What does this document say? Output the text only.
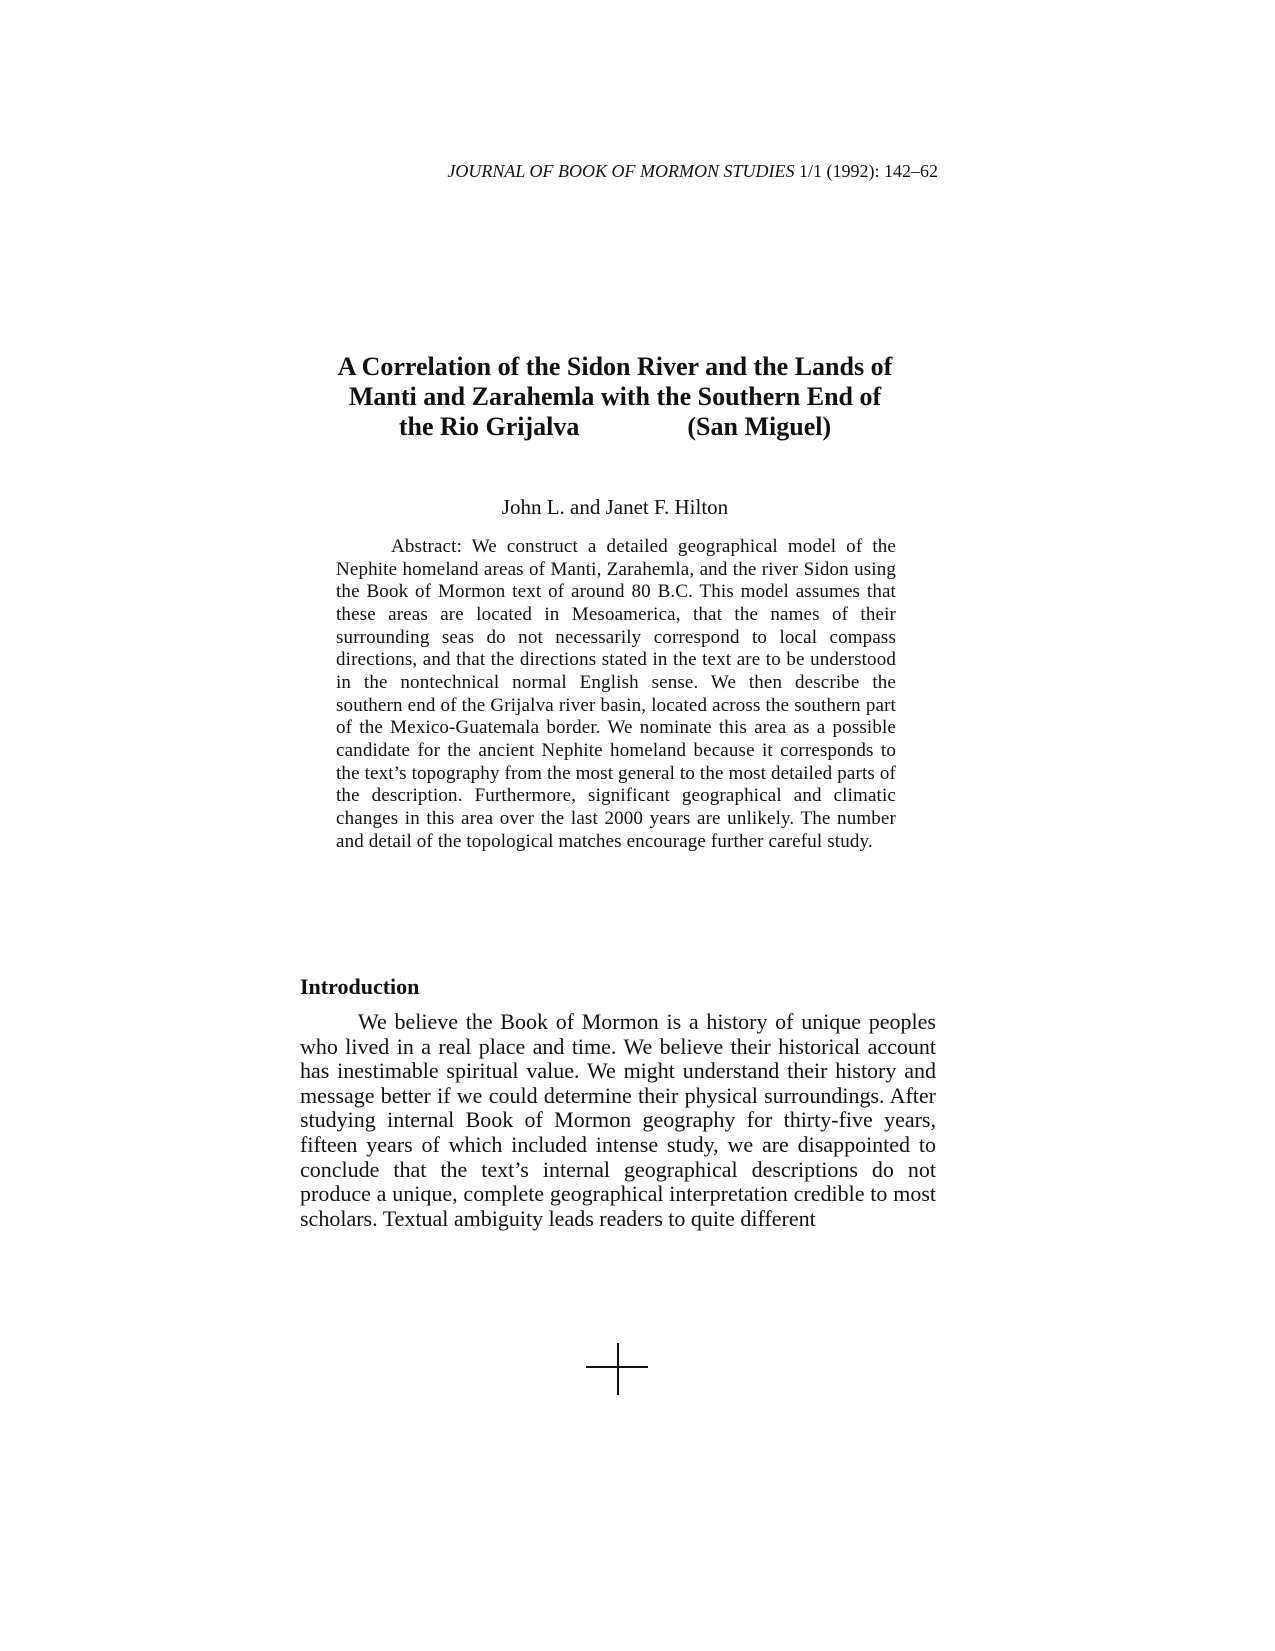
JOURNAL OF BOOK OF MORMON STUDIES 1/1 (1992): 142–62
A Correlation of the Sidon River and the Lands of
Manti and Zarahemla with the Southern End of
the Rio Grijalva	(San Miguel)
John L. and Janet F. Hilton
Abstract: We construct a detailed geographical model of the Nephite homeland areas of Manti, Zarahemla, and the river Sidon using the Book of Mormon text of around 80 B.C. This model assumes that these areas are located in Mesoamerica, that the names of their surrounding seas do not necessarily correspond to local compass directions, and that the directions stated in the text are to be understood in the nontechnical normal English sense. We then describe the southern end of the Grijalva river basin, located across the southern part of the Mexico-Guatemala border. We nominate this area as a possible candidate for the ancient Nephite homeland because it corresponds to the text’s topography from the most general to the most detailed parts of the description. Furthermore, significant geographical and climatic changes in this area over the last 2000 years are unlikely. The number and detail of the topological matches encourage further careful study.
Introduction
We believe the Book of Mormon is a history of unique peoples who lived in a real place and time. We believe their historical account has inestimable spiritual value. We might understand their history and message better if we could determine their physical surroundings. After studying internal Book of Mormon geography for thirty-five years, fifteen years of which included intense study, we are disappointed to conclude that the text’s internal geographical descriptions do not produce a unique, complete geographical interpretation credible to most scholars. Textual ambiguity leads readers to quite different
